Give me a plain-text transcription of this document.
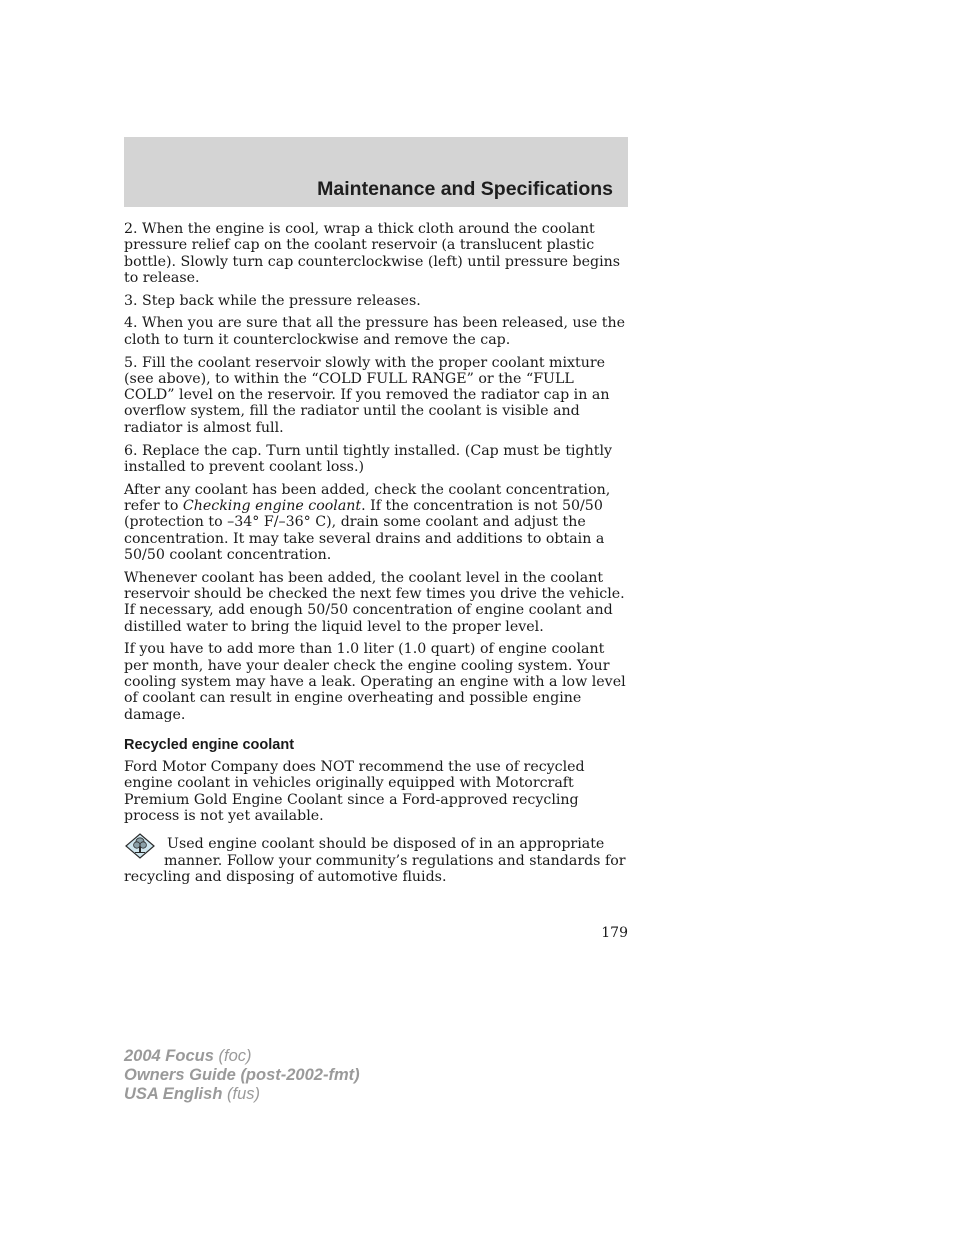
Maintenance and Specifications

2. When the engine is cool, wrap a thick cloth around the coolant pressure relief cap on the coolant reservoir (a translucent plastic bottle). Slowly turn cap counterclockwise (left) until pressure begins to release.

3. Step back while the pressure releases.

4. When you are sure that all the pressure has been released, use the cloth to turn it counterclockwise and remove the cap.

5. Fill the coolant reservoir slowly with the proper coolant mixture (see above), to within the “COLD FULL RANGE” or the “FULL COLD” level on the reservoir. If you removed the radiator cap in an overflow system, fill the radiator until the coolant is visible and radiator is almost full.

6. Replace the cap. Turn until tightly installed. (Cap must be tightly installed to prevent coolant loss.)

After any coolant has been added, check the coolant concentration, refer to Checking engine coolant. If the concentration is not 50/50 (protection to –34° F/–36° C), drain some coolant and adjust the concentration. It may take several drains and additions to obtain a 50/50 coolant concentration.

Whenever coolant has been added, the coolant level in the coolant reservoir should be checked the next few times you drive the vehicle. If necessary, add enough 50/50 concentration of engine coolant and distilled water to bring the liquid level to the proper level.

If you have to add more than 1.0 liter (1.0 quart) of engine coolant per month, have your dealer check the engine cooling system. Your cooling system may have a leak. Operating an engine with a low level of coolant can result in engine overheating and possible engine damage.

Recycled engine coolant

Ford Motor Company does NOT recommend the use of recycled engine coolant in vehicles originally equipped with Motorcraft Premium Gold Engine Coolant since a Ford-approved recycling process is not yet available.

Used engine coolant should be disposed of in an appropriate manner. Follow your community’s regulations and standards for recycling and disposing of automotive fluids.
179
2004 Focus (foc)
Owners Guide (post-2002-fmt)
USA English (fus)
